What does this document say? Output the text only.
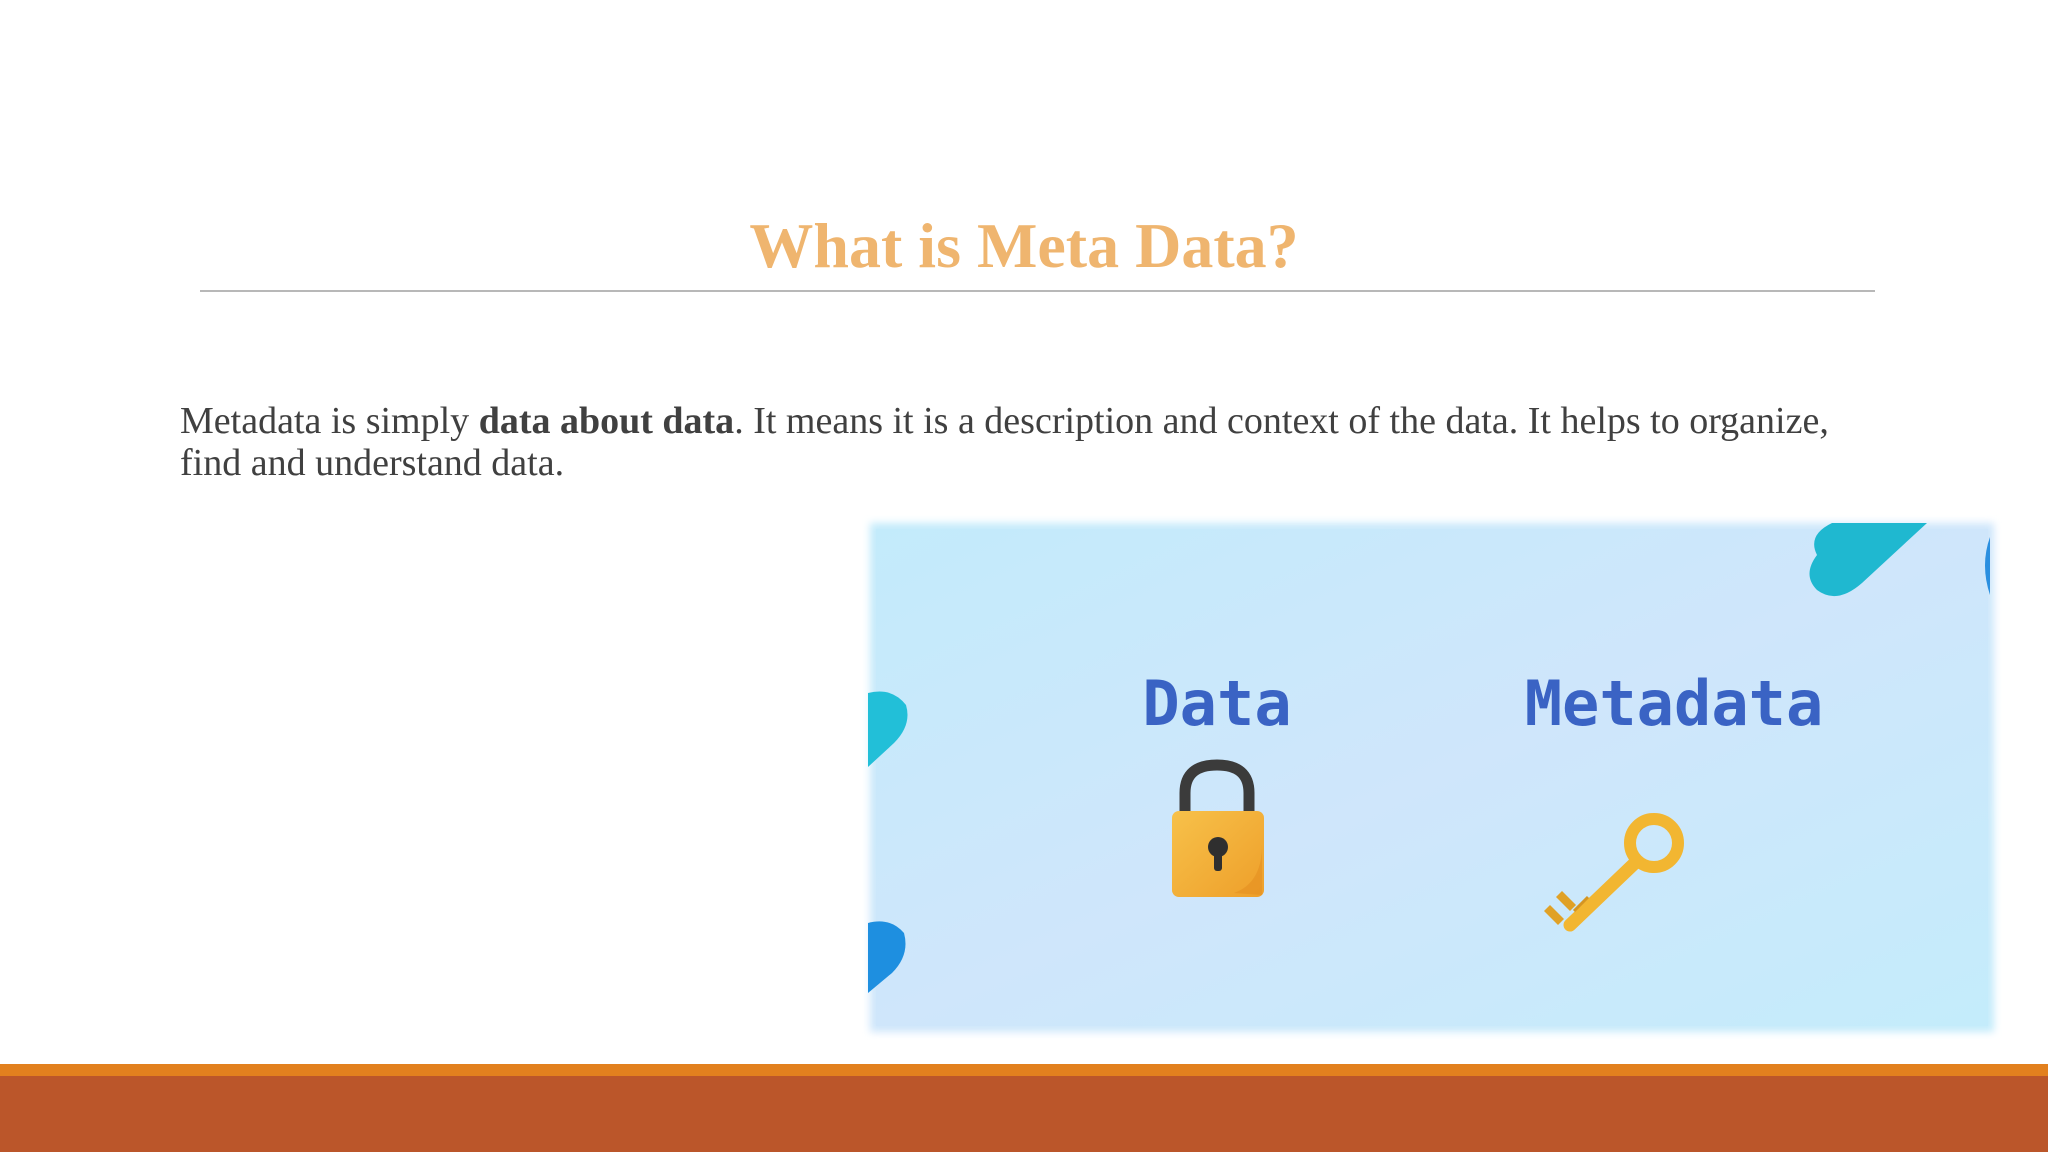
What is Meta Data?

Metadata is simply data about data. It means it is a description and context of the data. It helps to organize, find and understand data.

Data	Metadata
